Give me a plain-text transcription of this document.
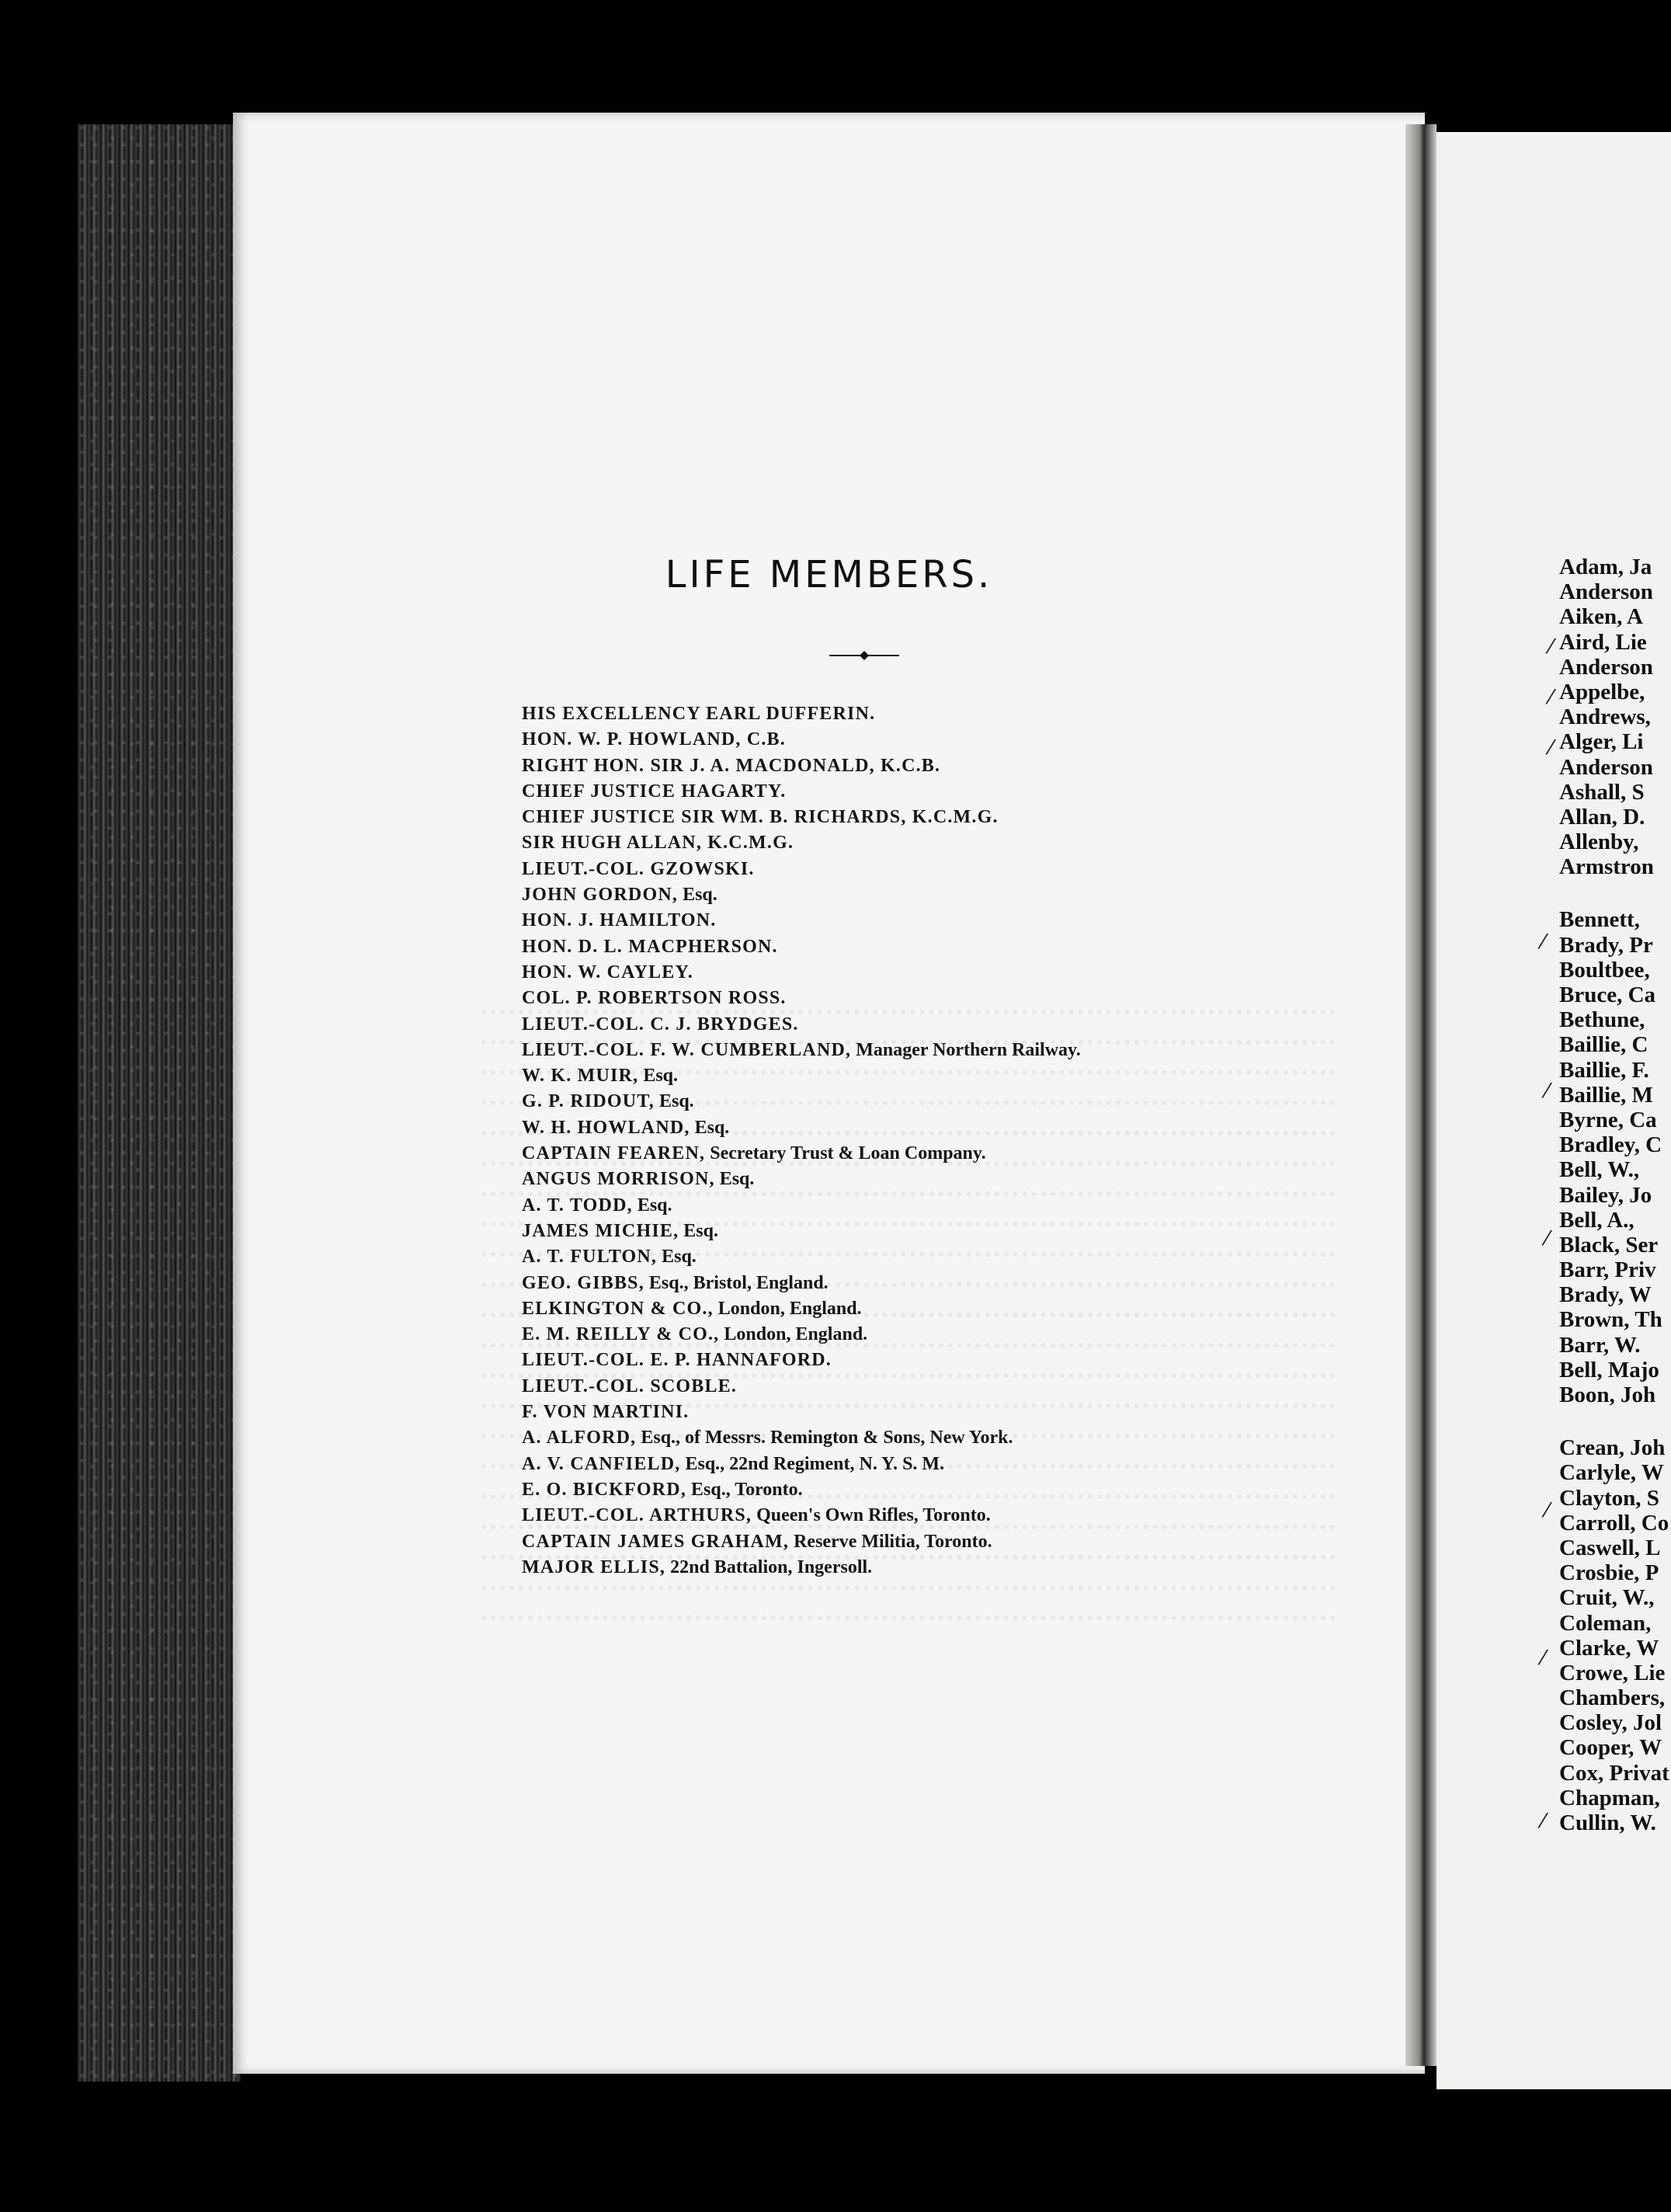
LIFE MEMBERS.
HIS EXCELLENCY EARL DUFFERIN.
HON. W. P. HOWLAND, C.B.
RIGHT HON. SIR J. A. MACDONALD, K.C.B.
CHIEF JUSTICE HAGARTY.
CHIEF JUSTICE SIR WM. B. RICHARDS, K.C.M.G.
SIR HUGH ALLAN, K.C.M.G.
LIEUT.-COL. GZOWSKI.
JOHN GORDON, Esq.
HON. J. HAMILTON.
HON. D. L. MACPHERSON.
HON. W. CAYLEY.
COL. P. ROBERTSON ROSS.
LIEUT.-COL. C. J. BRYDGES.
LIEUT.-COL. F. W. CUMBERLAND, Manager Northern Railway.
W. K. MUIR, Esq.
G. P. RIDOUT, Esq.
W. H. HOWLAND, Esq.
CAPTAIN FEAREN, Secretary Trust & Loan Company.
ANGUS MORRISON, Esq.
A. T. TODD, Esq.
JAMES MICHIE, Esq.
A. T. FULTON, Esq.
GEO. GIBBS, Esq., Bristol, England.
ELKINGTON & CO., London, England.
E. M. REILLY & CO., London, England.
LIEUT.-COL. E. P. HANNAFORD.
LIEUT.-COL. SCOBLE.
F. VON MARTINI.
A. ALFORD, Esq., of Messrs. Remington & Sons, New York.
A. V. CANFIELD, Esq., 22nd Regiment, N. Y. S. M.
E. O. BICKFORD, Esq., Toronto.
LIEUT.-COL. ARTHURS, Queen's Own Rifles, Toronto.
CAPTAIN JAMES GRAHAM, Reserve Militia, Toronto.
MAJOR ELLIS, 22nd Battalion, Ingersoll.
Adam, Ja
Anderson
Aiken, A
Aird, Lie
Anderson
Appelbe,
Andrews,
Alger, Li
Anderson
Ashall, S
Allan, D.
Allenby,
Armstron
Bennett,
Brady, Pr
Boultbee,
Bruce, Ca
Bethune,
Baillie, C
Baillie, F.
Baillie, M
Byrne, Ca
Bradley, C
Bell, W.,
Bailey, Jo
Bell, A.,
Black, Ser
Barr, Priv
Brady, W
Brown, Th
Barr, W.
Bell, Majo
Boon, Joh
Crean, Joh
Carlyle, W
Clayton, S
Carroll, Co
Caswell, L
Crosbie, P
Cruit, W.,
Coleman,
Clarke, W
Crowe, Lie
Chambers,
Cosley, Jol
Cooper, W
Cox, Privat
Chapman,
Cullin, W.
⁄
⁄
⁄
⁄
⁄
⁄
⁄
⁄
⁄
